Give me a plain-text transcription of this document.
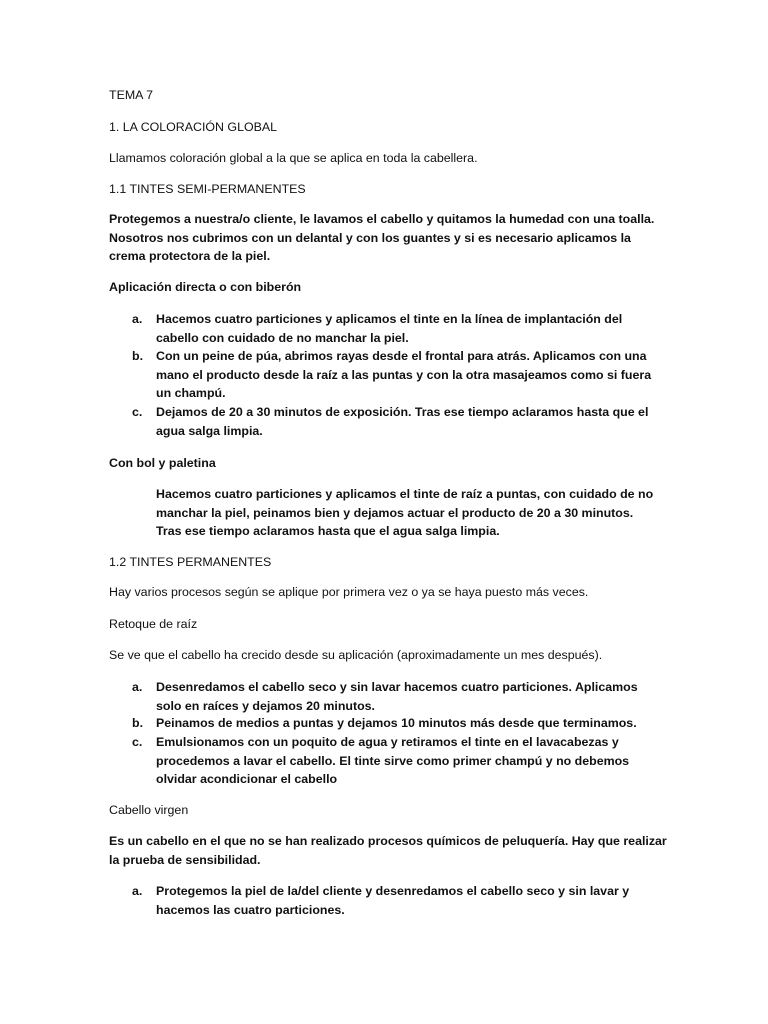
TEMA 7

1. LA COLORACIÓN GLOBAL

Llamamos coloración global a la que se aplica en toda la cabellera.

1.1 TINTES SEMI-PERMANENTES

Protegemos a nuestra/o cliente, le lavamos el cabello y quitamos la humedad con una toalla. Nosotros nos cubrimos con un delantal y con los guantes y si es necesario aplicamos la crema protectora de la piel.

Aplicación directa o con biberón

a.	Hacemos cuatro particiones y aplicamos el tinte en la línea de implantación del cabello con cuidado de no manchar la piel.
b.	Con un peine de púa, abrimos rayas desde el frontal para atrás. Aplicamos con una mano el producto desde la raíz a las puntas y con la otra masajeamos como si fuera un champú.
c.	Dejamos de 20 a 30 minutos de exposición. Tras ese tiempo aclaramos hasta que el agua salga limpia.

Con bol y paletina

Hacemos cuatro particiones y aplicamos el tinte de raíz a puntas, con cuidado de no manchar la piel, peinamos bien y dejamos actuar el producto de 20 a 30 minutos. Tras ese tiempo aclaramos hasta que el agua salga limpia.

1.2 TINTES PERMANENTES

Hay varios procesos según se aplique por primera vez o ya se haya puesto más veces.

Retoque de raíz

Se ve que el cabello ha crecido desde su aplicación (aproximadamente un mes después).

a.	Desenredamos el cabello seco y sin lavar hacemos cuatro particiones. Aplicamos solo en raíces y dejamos 20 minutos.
b.	Peinamos de medios a puntas y dejamos 10 minutos más desde que terminamos.
c.	Emulsionamos con un poquito de agua y retiramos el tinte en el lavacabezas y procedemos a lavar el cabello. El tinte sirve como primer champú y no debemos olvidar acondicionar el cabello

Cabello virgen

Es un cabello en el que no se han realizado procesos químicos de peluquería. Hay que realizar la prueba de sensibilidad.

a.	Protegemos la piel de la/del cliente y desenredamos el cabello seco y sin lavar y hacemos las cuatro particiones.
